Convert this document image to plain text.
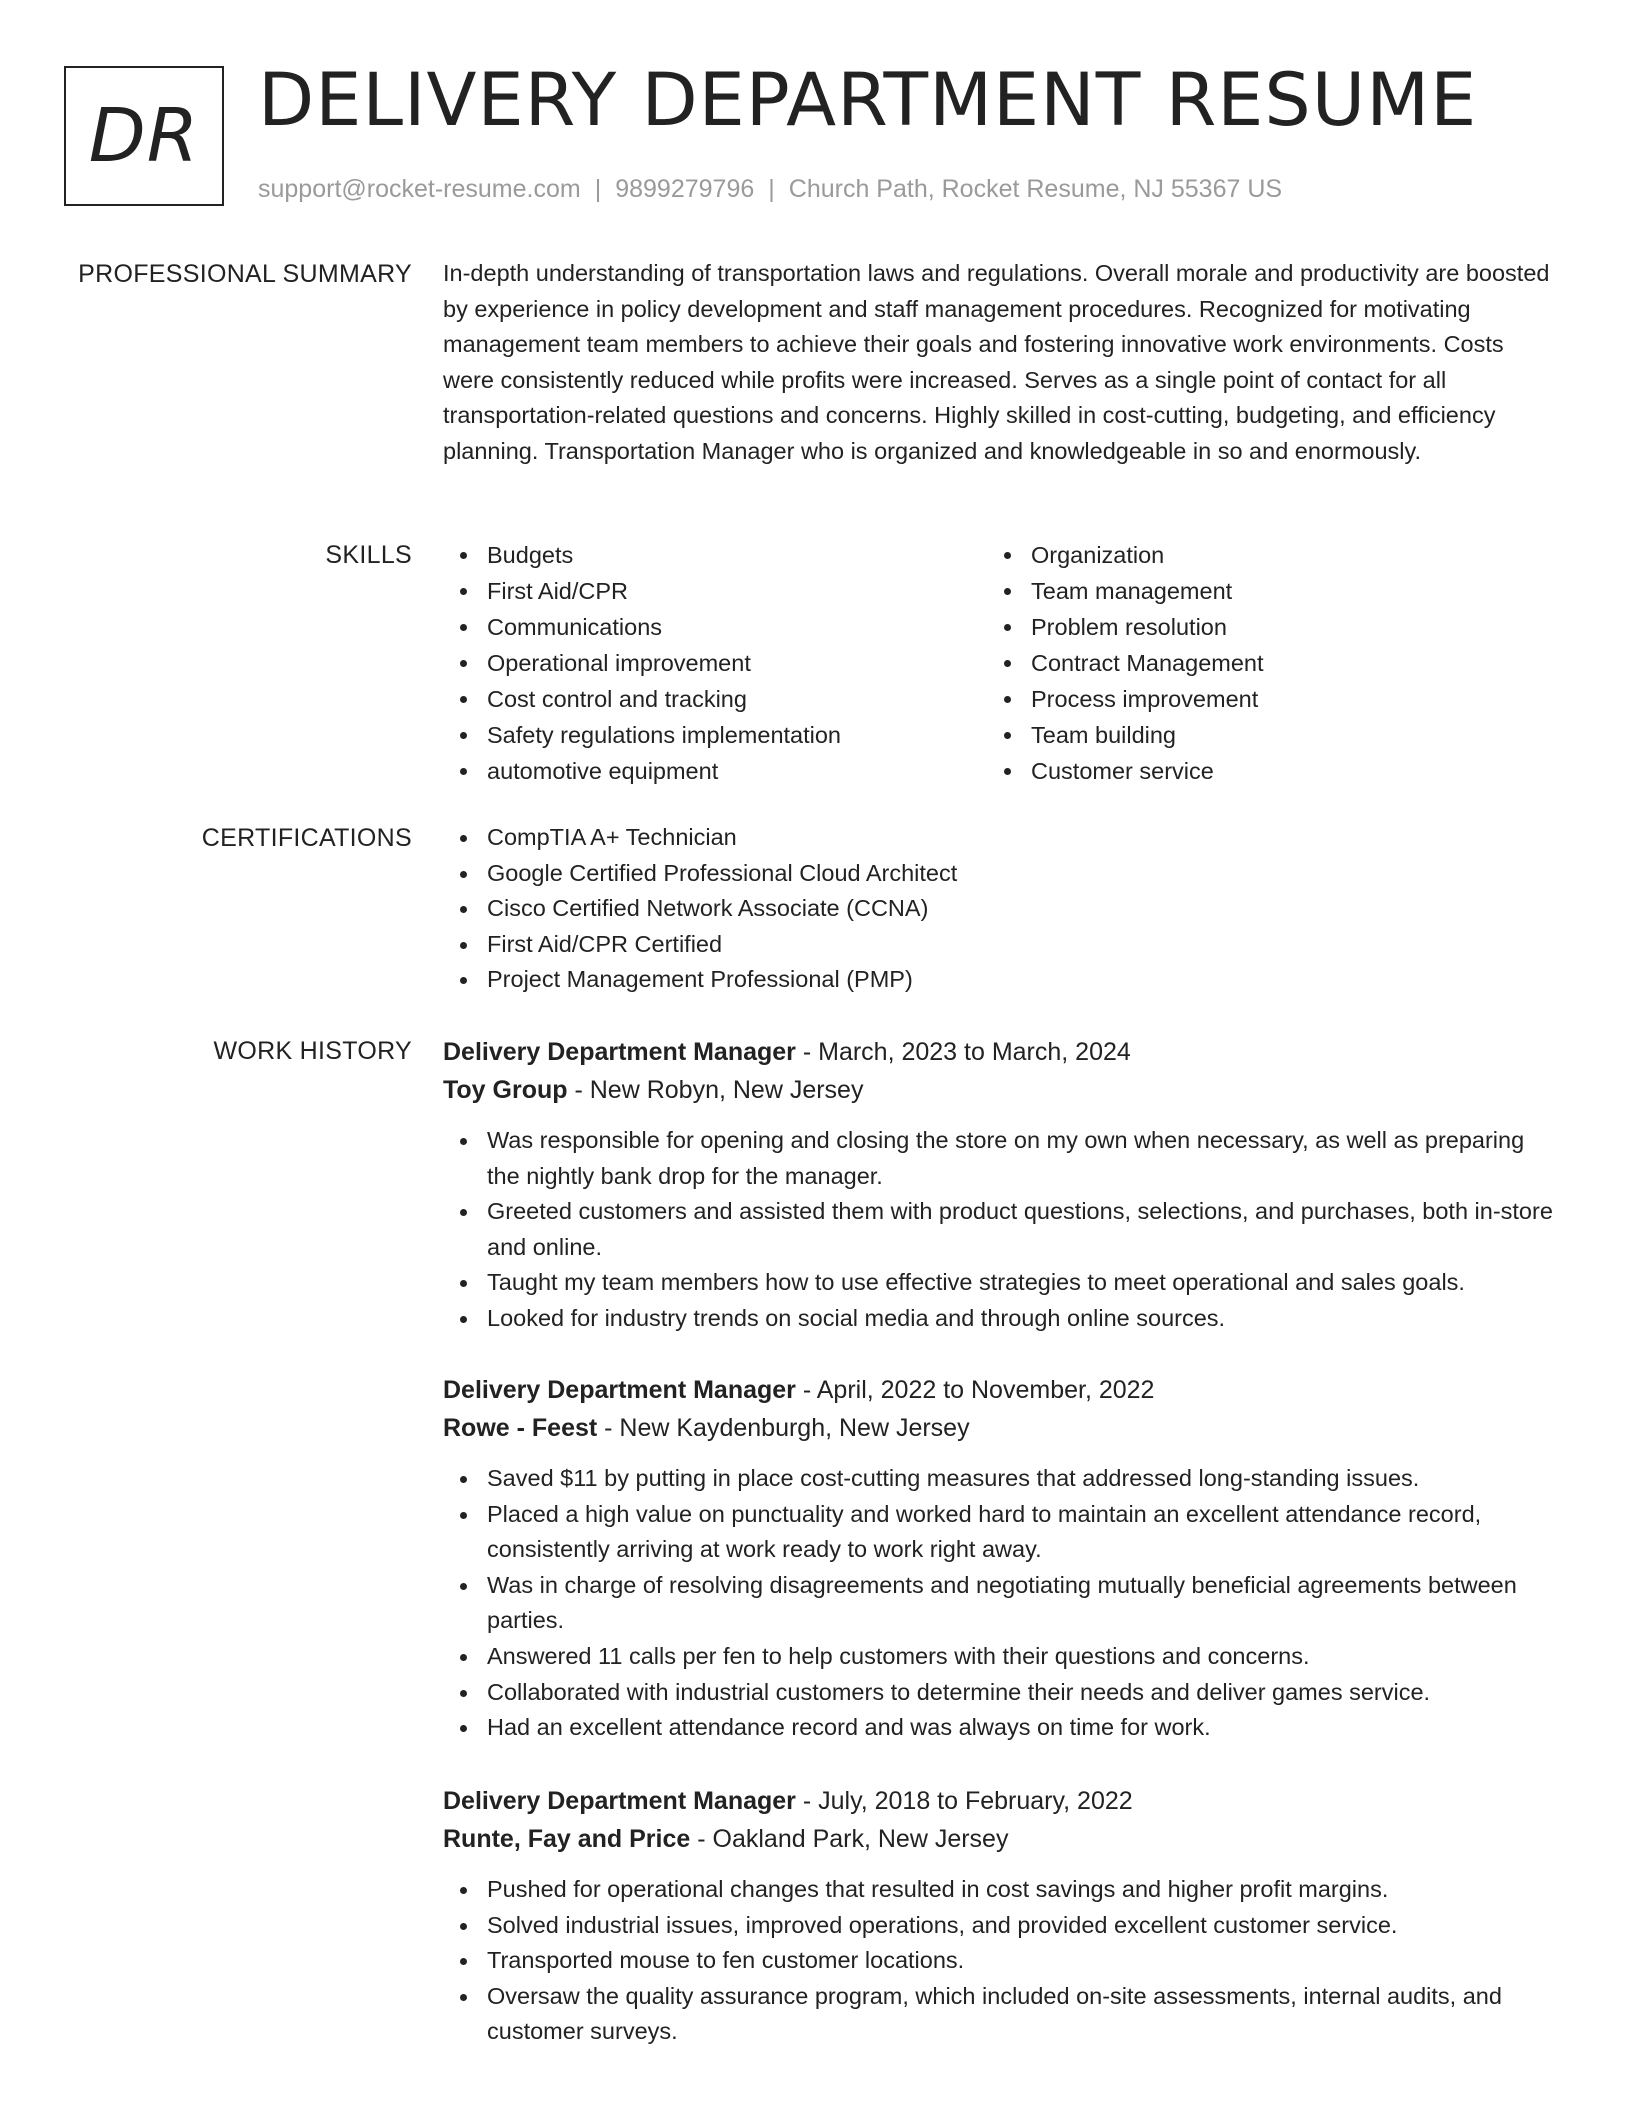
DR DELIVERY DEPARTMENT RESUME
support@rocket-resume.com | 9899279796 | Church Path, Rocket Resume, NJ 55367 US
PROFESSIONAL SUMMARY In-depth understanding of transportation laws and regulations. Overall morale and productivity are boosted by experience in policy development and staff management procedures. Recognized for motivating management team members to achieve their goals and fostering innovative work environments. Costs were consistently reduced while profits were increased. Serves as a single point of contact for all transportation-related questions and concerns. Highly skilled in cost-cutting, budgeting, and efficiency planning. Transportation Manager who is organized and knowledgeable in so and enormously.

SKILLS	Budgets
First Aid/CPR
Communications
Operational improvement
Cost control and tracking
Safety regulations implementation
automotive equipment
Organization
Team management
Problem resolution
Contract Management
Process improvement
Team building
Customer service
CERTIFICATIONS	CompTIA A+ Technician
Google Certified Professional Cloud Architect
Cisco Certified Network Associate (CCNA)
First Aid/CPR Certified
Project Management Professional (PMP)
WORK HISTORY Delivery Department Manager - March, 2023 to March, 2024
Toy Group - New Robyn, New Jersey
Was responsible for opening and closing the store on my own when necessary, as well as preparing the nightly bank drop for the manager.
Greeted customers and assisted them with product questions, selections, and purchases, both in-store and online.
Taught my team members how to use effective strategies to meet operational and sales goals.
Looked for industry trends on social media and through online sources.
Delivery Department Manager - April, 2022 to November, 2022
Rowe - Feest - New Kaydenburgh, New Jersey
Saved $11 by putting in place cost-cutting measures that addressed long-standing issues.
Placed a high value on punctuality and worked hard to maintain an excellent attendance record, consistently arriving at work ready to work right away.
Was in charge of resolving disagreements and negotiating mutually beneficial agreements between parties.
Answered 11 calls per fen to help customers with their questions and concerns.
Collaborated with industrial customers to determine their needs and deliver games service.
Had an excellent attendance record and was always on time for work.
Delivery Department Manager - July, 2018 to February, 2022
Runte, Fay and Price - Oakland Park, New Jersey
Pushed for operational changes that resulted in cost savings and higher profit margins.
Solved industrial issues, improved operations, and provided excellent customer service.
Transported mouse to fen customer locations.
Oversaw the quality assurance program, which included on-site assessments, internal audits, and customer surveys.
